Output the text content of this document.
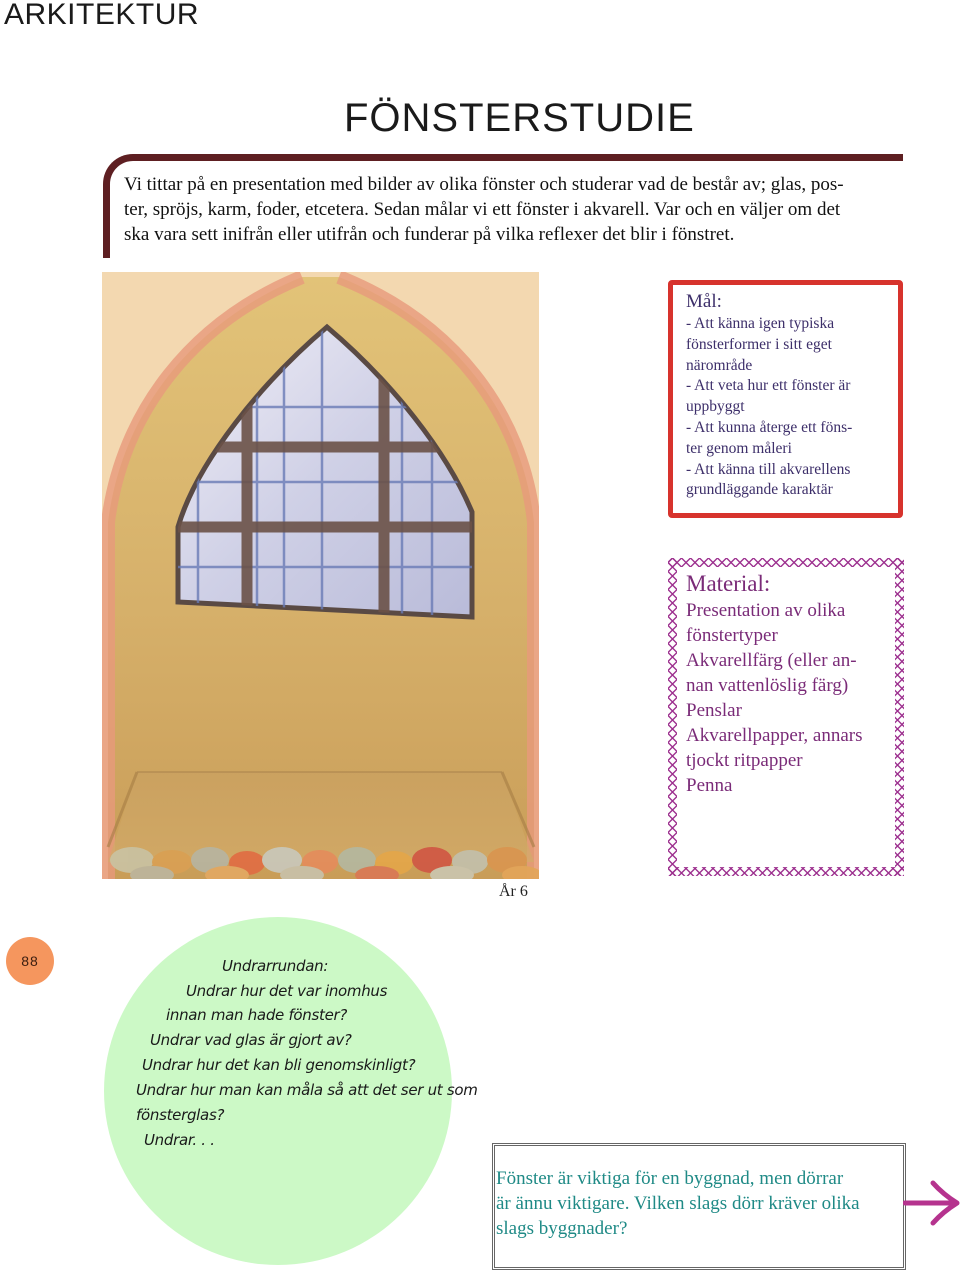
ARKITEKTUR
FÖNSTERSTUDIE
Vi tittar på en presentation med bilder av olika fönster och studerar vad de består av; glas, pos-
ter, spröjs, karm, foder, etcetera. Sedan målar vi ett fönster i akvarell. Var och en väljer om det
ska vara sett inifrån eller utifrån och funderar på vilka reflexer det blir i fönstret.
År 6
Mål:
- Att känna igen typiska
fönsterformer i sitt eget
närområde
- Att veta hur ett fönster är
uppbyggt
- Att kunna återge ett föns-
ter genom måleri
- Att känna till akvarellens
grundläggande karaktär
Material:
Presentation av olika
fönstertyper
Akvarellfärg (eller an-
nan vattenlöslig färg)
Penslar
Akvarellpapper, annars
tjockt ritpapper
Penna
Undrarrundan:
Undrar hur det var inomhus
innan man hade fönster?
Undrar vad glas är gjort av?
Undrar hur det kan bli genomskinligt?
Undrar hur man kan måla så att det ser ut som
fönsterglas?
Undrar. . .
88
Fönster är viktiga för en byggnad, men dörrar
är ännu viktigare. Vilken slags dörr kräver olika
slags byggnader?
